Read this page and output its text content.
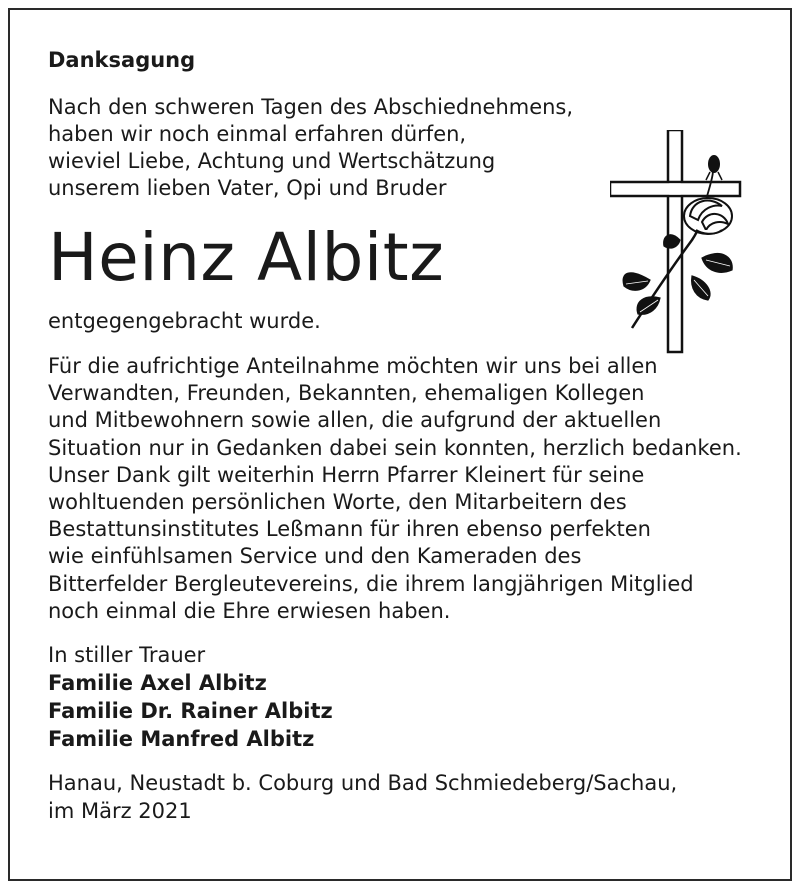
Danksagung
Nach den schweren Tagen des Abschiednehmens,
haben wir noch einmal erfahren dürfen,
wieviel Liebe, Achtung und Wertschätzung
unserem lieben Vater, Opi und Bruder
Heinz Albitz
entgegengebracht wurde.
Für die aufrichtige Anteilnahme möchten wir uns bei allen
Verwandten, Freunden, Bekannten, ehemaligen Kollegen
und Mitbewohnern sowie allen, die aufgrund der aktuellen
Situation nur in Gedanken dabei sein konnten, herzlich bedanken.
Unser Dank gilt weiterhin Herrn Pfarrer Kleinert für seine
wohltuenden persönlichen Worte, den Mitarbeitern des
Bestattunsinstitutes Leßmann für ihren ebenso perfekten
wie einfühlsamen Service und den Kameraden des
Bitterfelder Bergleutevereins, die ihrem langjährigen Mitglied
noch einmal die Ehre erwiesen haben.
In stiller Trauer
Familie Axel Albitz
Familie Dr. Rainer Albitz
Familie Manfred Albitz
Hanau, Neustadt b. Coburg und Bad Schmiedeberg/Sachau,
im März 2021
